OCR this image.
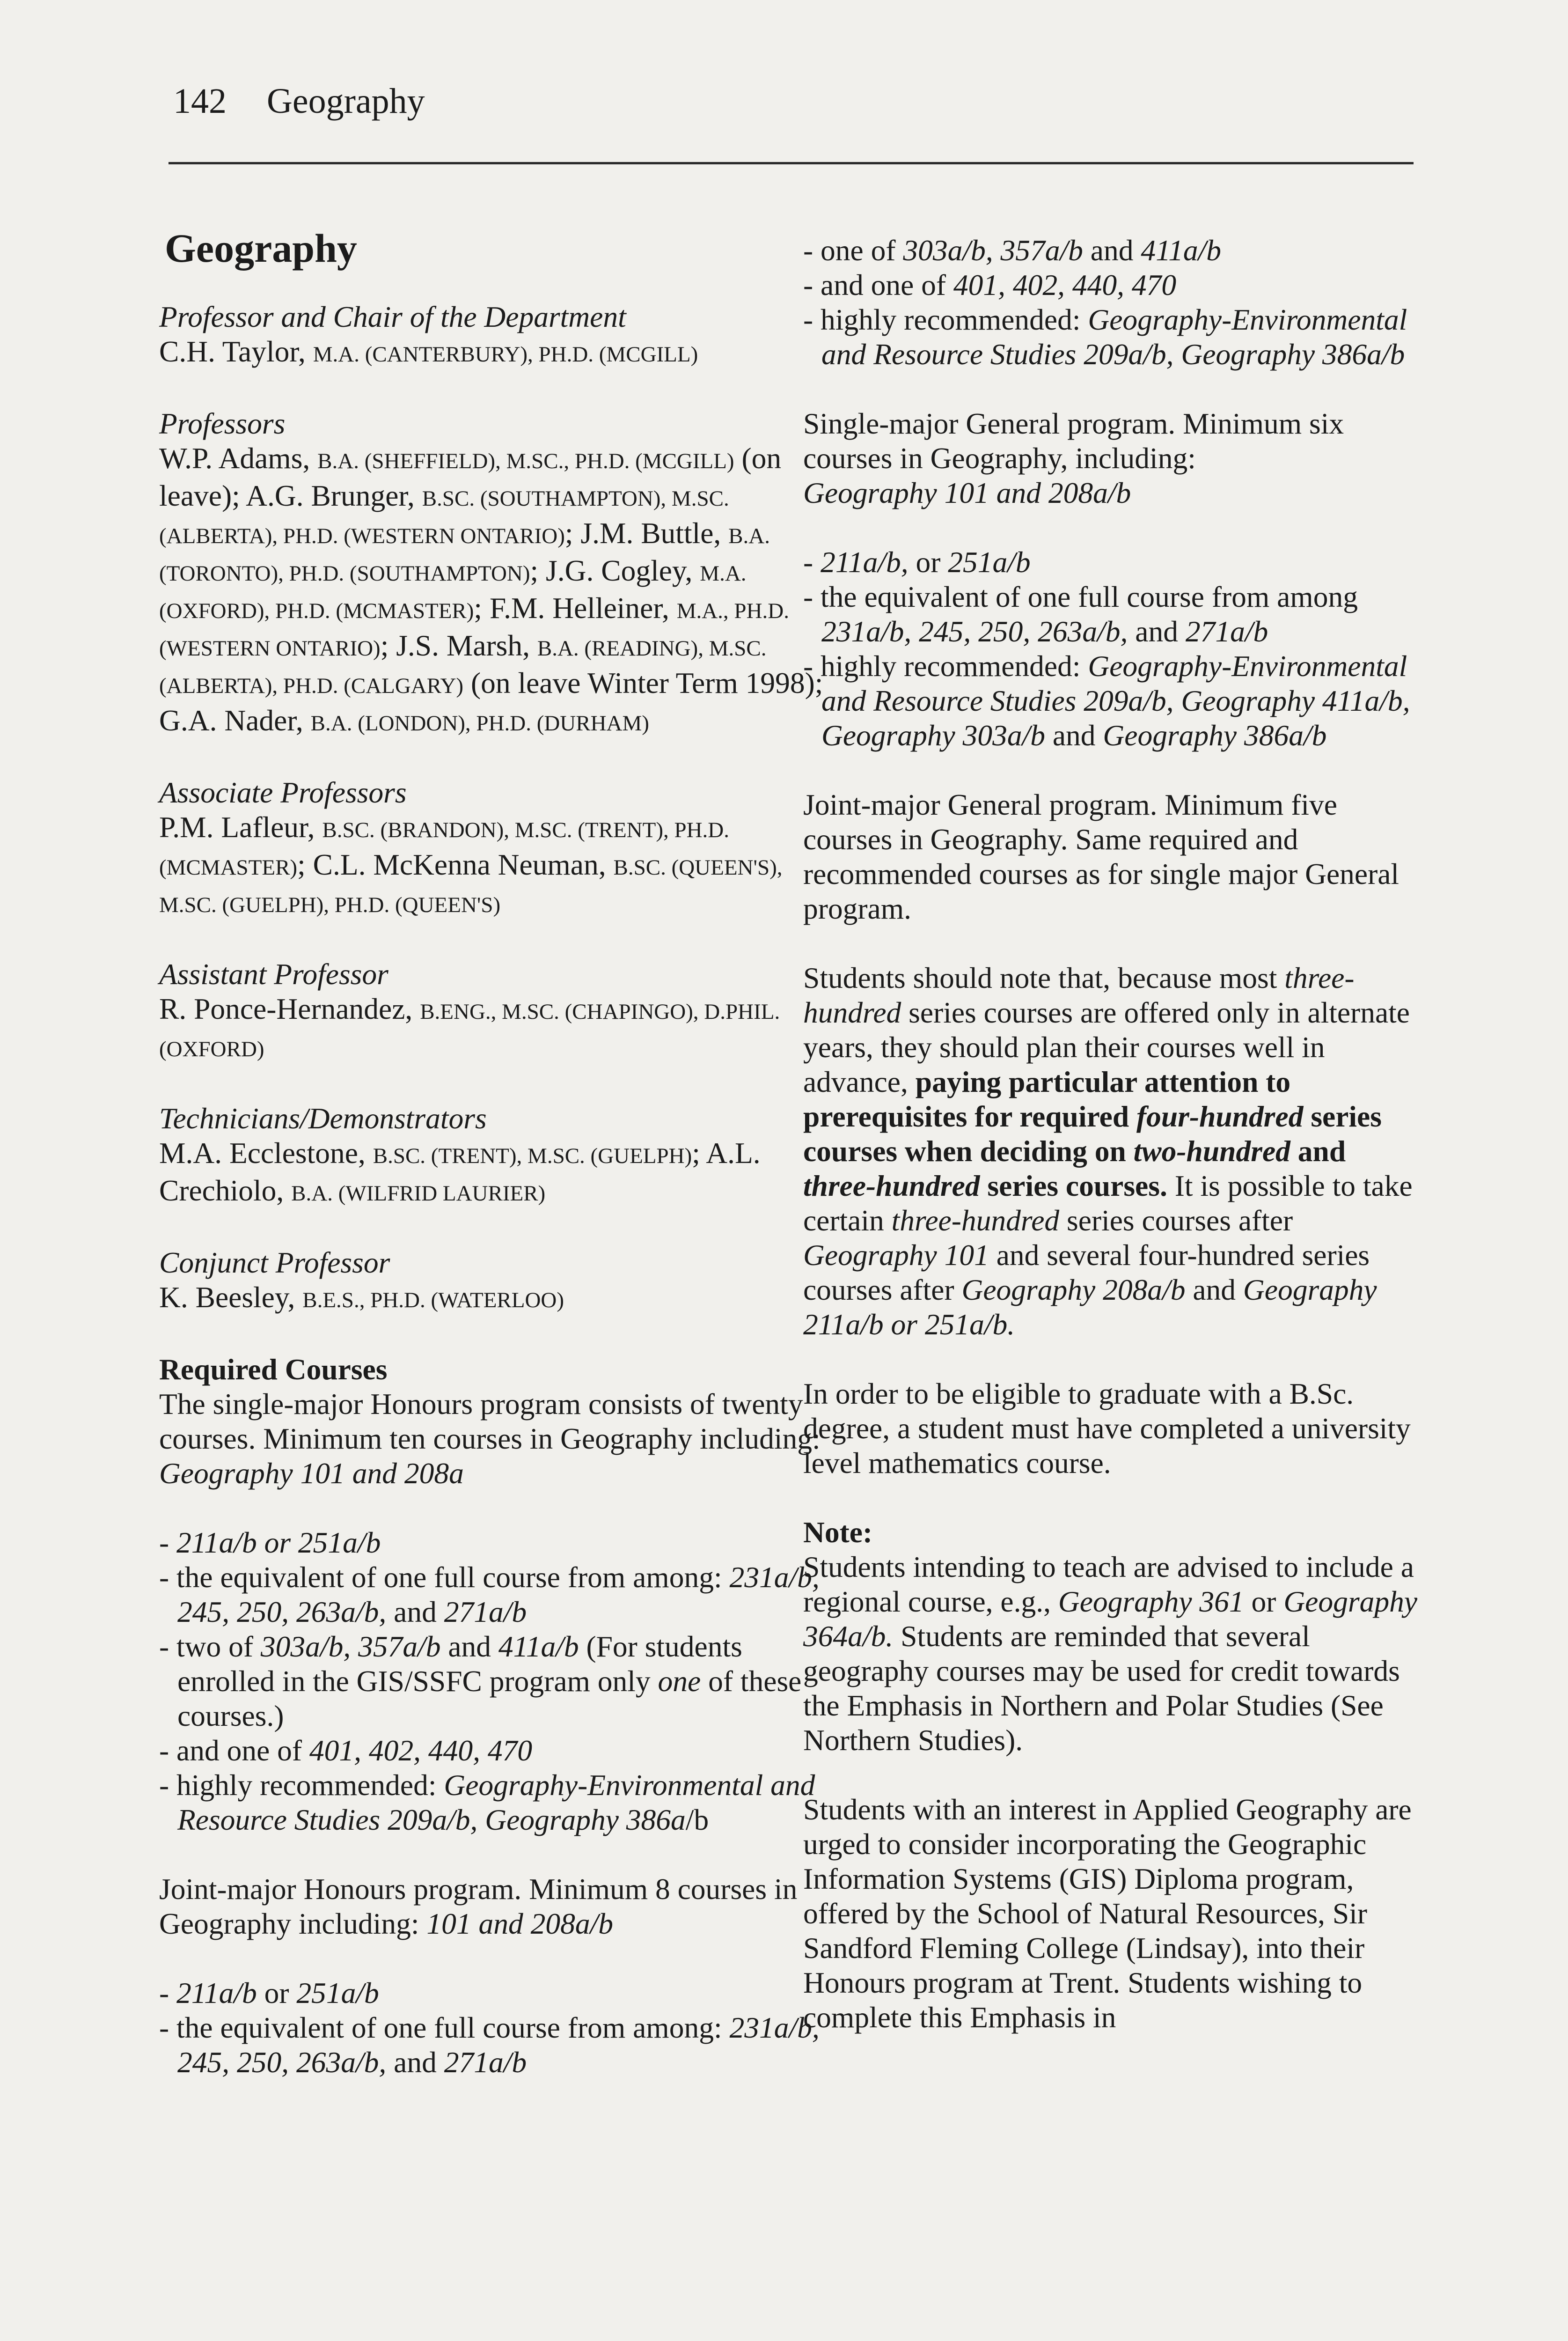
142 Geography
Geography
Professor and Chair of the Department
C.H. Taylor, M.A. (CANTERBURY), PH.D. (MCGILL)
Professors
W.P. Adams, B.A. (SHEFFIELD), M.SC., PH.D. (MCGILL) (on leave); A.G. Brunger, B.SC. (SOUTHAMPTON), M.SC. (ALBERTA), PH.D. (WESTERN ONTARIO); J.M. Buttle, B.A. (TORONTO), PH.D. (SOUTHAMPTON); J.G. Cogley, M.A. (OXFORD), PH.D. (MCMASTER); F.M. Helleiner, M.A., PH.D. (WESTERN ONTARIO); J.S. Marsh, B.A. (READING), M.SC. (ALBERTA), PH.D. (CALGARY) (on leave Winter Term 1998); G.A. Nader, B.A. (LONDON), PH.D. (DURHAM)
Associate Professors
P.M. Lafleur, B.SC. (BRANDON), M.SC. (TRENT), PH.D. (MCMASTER); C.L. McKenna Neuman, B.SC. (QUEEN'S), M.SC. (GUELPH), PH.D. (QUEEN'S)
Assistant Professor
R. Ponce-Hernandez, B.ENG., M.SC. (CHAPINGO), D.PHIL. (OXFORD)
Technicians/Demonstrators
M.A. Ecclestone, B.SC. (TRENT), M.SC. (GUELPH); A.L. Crechiolo, B.A. (WILFRID LAURIER)
Conjunct Professor
K. Beesley, B.E.S., PH.D. (WATERLOO)
Required Courses
The single-major Honours program consists of twenty courses. Minimum ten courses in Geography including:
Geography 101 and 208a
- 211a/b or 251a/b
- the equivalent of one full course from among: 231a/b, 245, 250, 263a/b, and 271a/b
- two of 303a/b, 357a/b and 411a/b (For students enrolled in the GIS/SSFC program only one of these courses.)
- and one of 401, 402, 440, 470
- highly recommended: Geography-Environmental and Resource Studies 209a/b, Geography 386a/b
Joint-major Honours program. Minimum 8 courses in Geography including: 101 and 208a/b
- 211a/b or 251a/b
- the equivalent of one full course from among: 231a/b, 245, 250, 263a/b, and 271a/b
- one of 303a/b, 357a/b and 411a/b
- and one of 401, 402, 440, 470
- highly recommended: Geography-Environmental and Resource Studies 209a/b, Geography 386a/b
Single-major General program. Minimum six courses in Geography, including:
Geography 101 and 208a/b
- 211a/b, or 251a/b
- the equivalent of one full course from among 231a/b, 245, 250, 263a/b, and 271a/b
- highly recommended: Geography-Environmental and Resource Studies 209a/b, Geography 411a/b, Geography 303a/b and Geography 386a/b
Joint-major General program. Minimum five courses in Geography. Same required and recommended courses as for single major General program.
Students should note that, because most three-hundred series courses are offered only in alternate years, they should plan their courses well in advance, paying particular attention to prerequisites for required four-hundred series courses when deciding on two-hundred and three-hundred series courses. It is possible to take certain three-hundred series courses after Geography 101 and several four-hundred series courses after Geography 208a/b and Geography 211a/b or 251a/b.
In order to be eligible to graduate with a B.Sc. degree, a student must have completed a university level mathematics course.
Note:
Students intending to teach are advised to include a regional course, e.g., Geography 361 or Geography 364a/b. Students are reminded that several geography courses may be used for credit towards the Emphasis in Northern and Polar Studies (See Northern Studies).
Students with an interest in Applied Geography are urged to consider incorporating the Geographic Information Systems (GIS) Diploma program, offered by the School of Natural Resources, Sir Sandford Fleming College (Lindsay), into their Honours program at Trent. Students wishing to complete this Emphasis in
